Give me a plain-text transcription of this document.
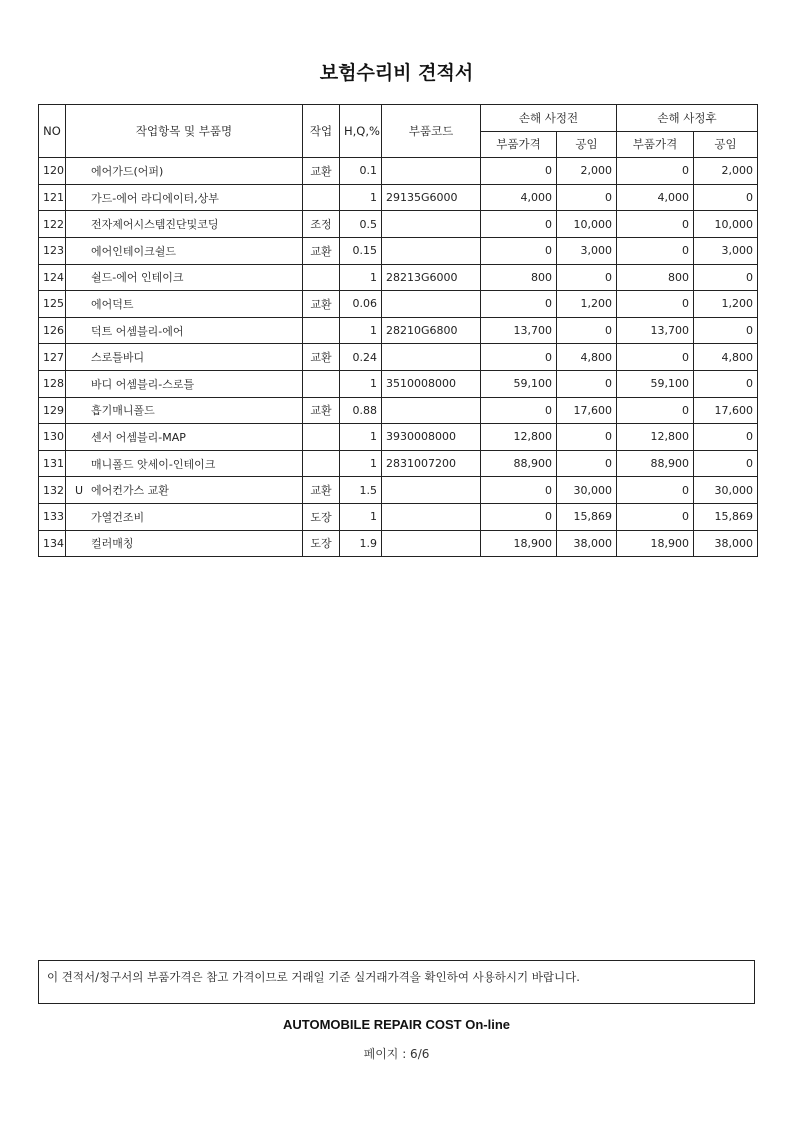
보험수리비 견적서
NO	작업항목 및 부품명	작업	H,Q,%	부품코드	손해 사정전		손해 사정후	
					부품가격	공임	부품가격	공임
120	에어가드(어퍼)	교환	0.1		0	2,000	0	2,000
121	가드-에어 라디에이터,상부		1	29135G6000	4,000	0	4,000	0
122	전자제어시스템진단및코딩	조정	0.5		0	10,000	0	10,000
123	에어인테이크쉴드	교환	0.15		0	3,000	0	3,000
124	쉴드-에어 인테이크		1	28213G6000	800	0	800	0
125	에어덕트	교환	0.06		0	1,200	0	1,200
126	덕트 어셈블리-에어		1	28210G6800	13,700	0	13,700	0
127	스로틀바디	교환	0.24		0	4,800	0	4,800
128	바디 어셈블리-스로틀		1	3510008000	59,100	0	59,100	0
129	흡기매니폴드	교환	0.88		0	17,600	0	17,600
130	센서 어셈블리-MAP		1	3930008000	12,800	0	12,800	0
131	매니폴드 앗세이-인테이크		1	2831007200	88,900	0	88,900	0
132	U 에어컨가스 교환	교환	1.5		0	30,000	0	30,000
133	가열건조비	도장	1		0	15,869	0	15,869
134	컬러매칭	도장	1.9		18,900	38,000	18,900	38,000
이 견적서/청구서의 부품가격은 참고 가격이므로 거래일 기준 실거래가격을 확인하여 사용하시기 바랍니다.
AUTOMOBILE REPAIR COST On-line
페이지 : 6/6
